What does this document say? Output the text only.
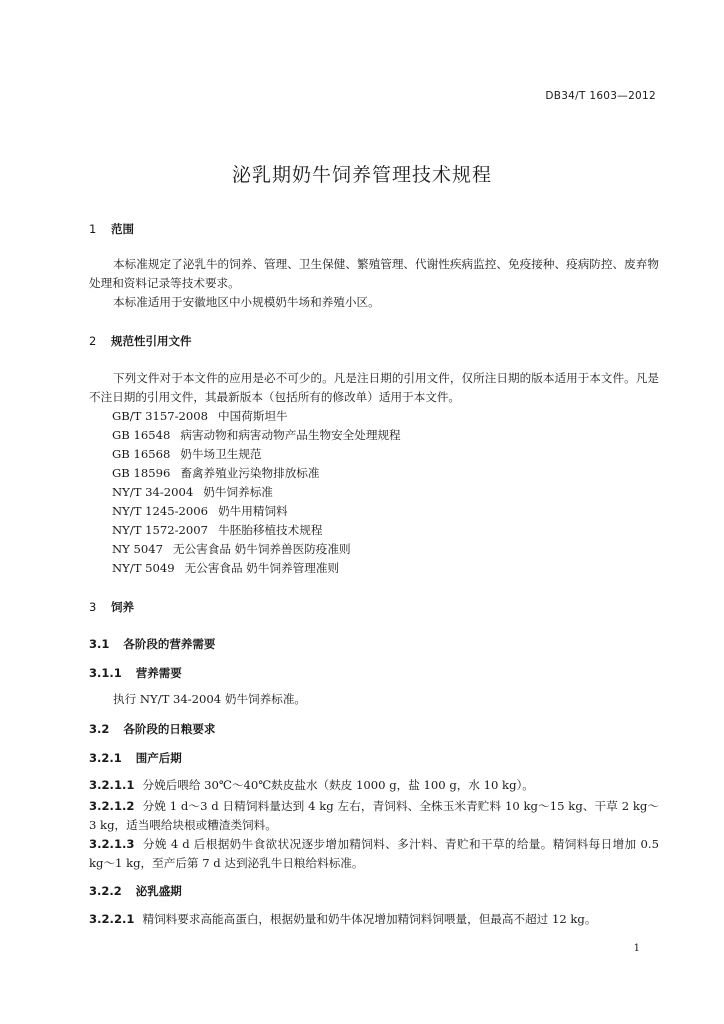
DB34/T 1603—2012
泌乳期奶牛饲养管理技术规程
1 范围
本标准规定了泌乳牛的饲养、管理、卫生保健、繁殖管理、代谢性疾病监控、免疫接种、疫病防控、废弃物处理和资料记录等技术要求。
本标准适用于安徽地区中小规模奶牛场和养殖小区。
2 规范性引用文件
下列文件对于本文件的应用是必不可少的。凡是注日期的引用文件，仅所注日期的版本适用于本文件。凡是不注日期的引用文件，其最新版本（包括所有的修改单）适用于本文件。
GB/T 3157-2008 中国荷斯坦牛
GB 16548 病害动物和病害动物产品生物安全处理规程
GB 16568 奶牛场卫生规范
GB 18596 畜禽养殖业污染物排放标准
NY/T 34-2004 奶牛饲养标准
NY/T 1245-2006 奶牛用精饲料
NY/T 1572-2007 牛胚胎移植技术规程
NY 5047 无公害食品 奶牛饲养兽医防疫准则
NY/T 5049 无公害食品 奶牛饲养管理准则
3 饲养
3.1 各阶段的营养需要
3.1.1 营养需要
执行 NY/T 34-2004 奶牛饲养标准。
3.2 各阶段的日粮要求
3.2.1 围产后期
3.2.1.1 分娩后喂给 30℃～40℃麸皮盐水（麸皮 1000 g，盐 100 g，水 10 kg）。
3.2.1.2 分娩 1 d～3 d 日精饲料量达到 4 kg 左右，青饲料、全株玉米青贮料 10 kg～15 kg、干草 2 kg～3 kg，适当喂给块根或糟渣类饲料。
3.2.1.3 分娩 4 d 后根据奶牛食欲状况逐步增加精饲料、多汁料、青贮和干草的给量。精饲料每日增加 0.5 kg～1 kg，至产后第 7 d 达到泌乳牛日粮给料标准。
3.2.2 泌乳盛期
3.2.2.1 精饲料要求高能高蛋白，根据奶量和奶牛体况增加精饲料饲喂量，但最高不超过 12 kg。
1
